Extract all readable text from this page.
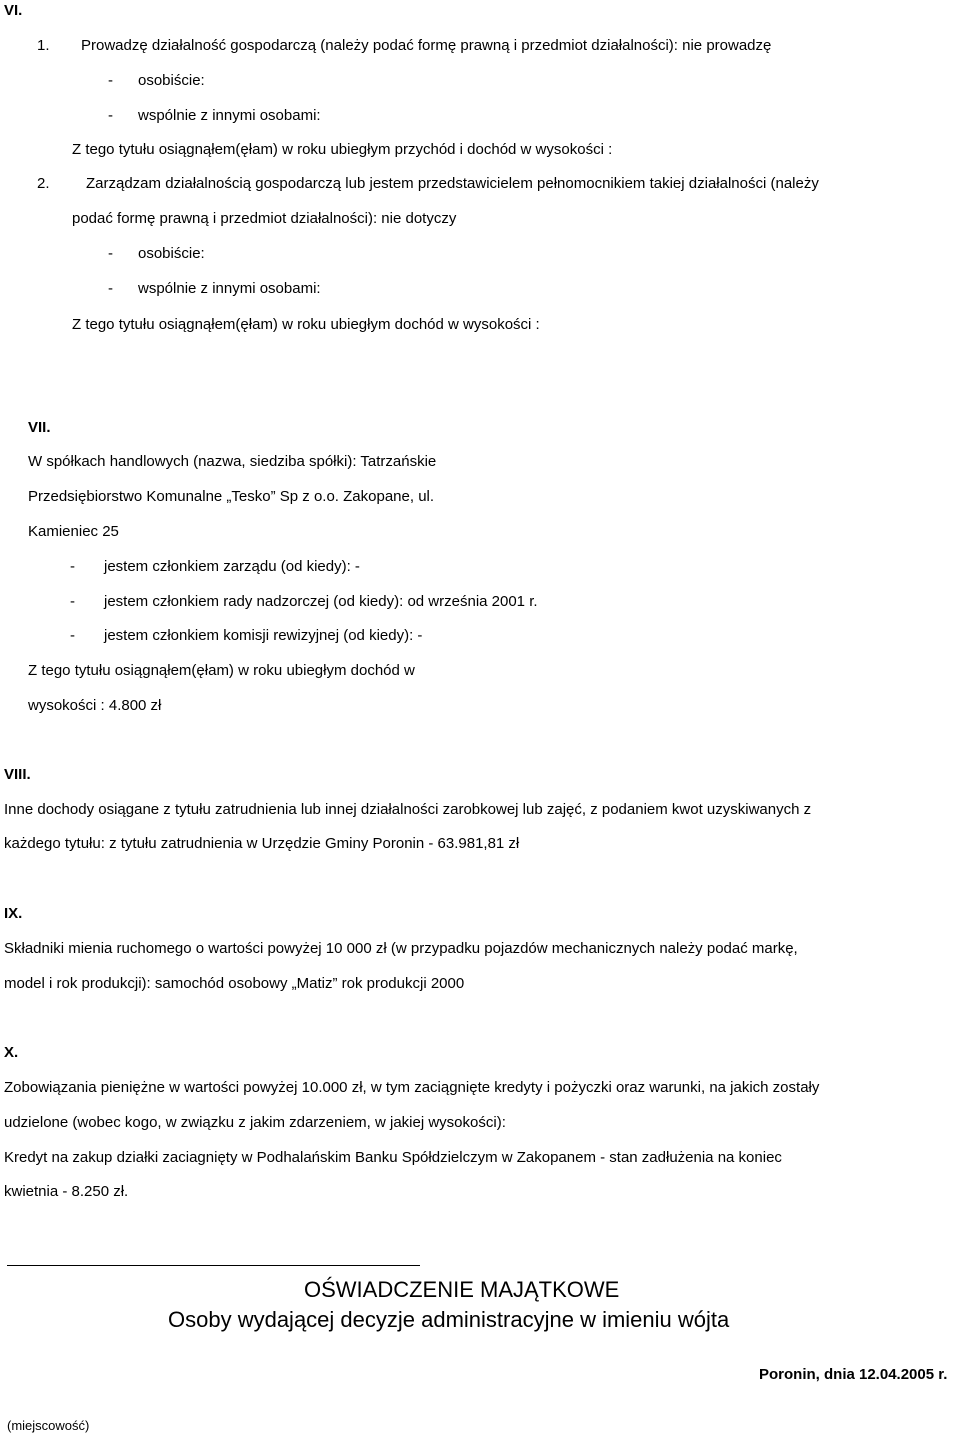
VI.
1. Prowadzę działalność gospodarczą (należy podać formę prawną i przedmiot działalności): nie prowadzę
- osobiście:
- wspólnie z innymi osobami:
Z tego tytułu osiągnąłem(ęłam) w roku ubiegłym przychód i dochód w wysokości :
2. Zarządzam działalnością gospodarczą lub jestem przedstawicielem pełnomocnikiem takiej działalności (należy
podać formę prawną i przedmiot działalności): nie dotyczy
- osobiście:
- wspólnie z innymi osobami:
Z tego tytułu osiągnąłem(ęłam) w roku ubiegłym dochód w wysokości :
VII.
W spółkach handlowych (nazwa, siedziba spółki): Tatrzańskie
Przedsiębiorstwo Komunalne „Tesko” Sp z o.o. Zakopane, ul.
Kamieniec 25
- jestem członkiem zarządu (od kiedy): -
- jestem członkiem rady nadzorczej (od kiedy): od września 2001 r.
- jestem członkiem komisji rewizyjnej (od kiedy): -
Z tego tytułu osiągnąłem(ęłam) w roku ubiegłym dochód w
wysokości : 4.800 zł
VIII.
Inne dochody osiągane z tytułu zatrudnienia lub innej działalności zarobkowej lub zajęć, z podaniem kwot uzyskiwanych z
każdego tytułu: z tytułu zatrudnienia w Urzędzie Gminy Poronin - 63.981,81 zł
IX.
Składniki mienia ruchomego o wartości powyżej 10 000 zł (w przypadku pojazdów mechanicznych należy podać markę,
model i rok produkcji): samochód osobowy „Matiz” rok produkcji 2000
X.
Zobowiązania pieniężne w wartości powyżej 10.000 zł, w tym zaciągnięte kredyty i pożyczki oraz warunki, na jakich zostały
udzielone (wobec kogo, w związku z jakim zdarzeniem, w jakiej wysokości):
Kredyt na zakup działki zaciagnięty w Podhalańskim Banku Spółdzielczym w Zakopanem - stan zadłużenia na koniec
kwietnia - 8.250 zł.
OŚWIADCZENIE MAJĄTKOWE
Osoby wydającej decyzje administracyjne w imieniu wójta
Poronin, dnia 12.04.2005 r.
(miejscowość)
